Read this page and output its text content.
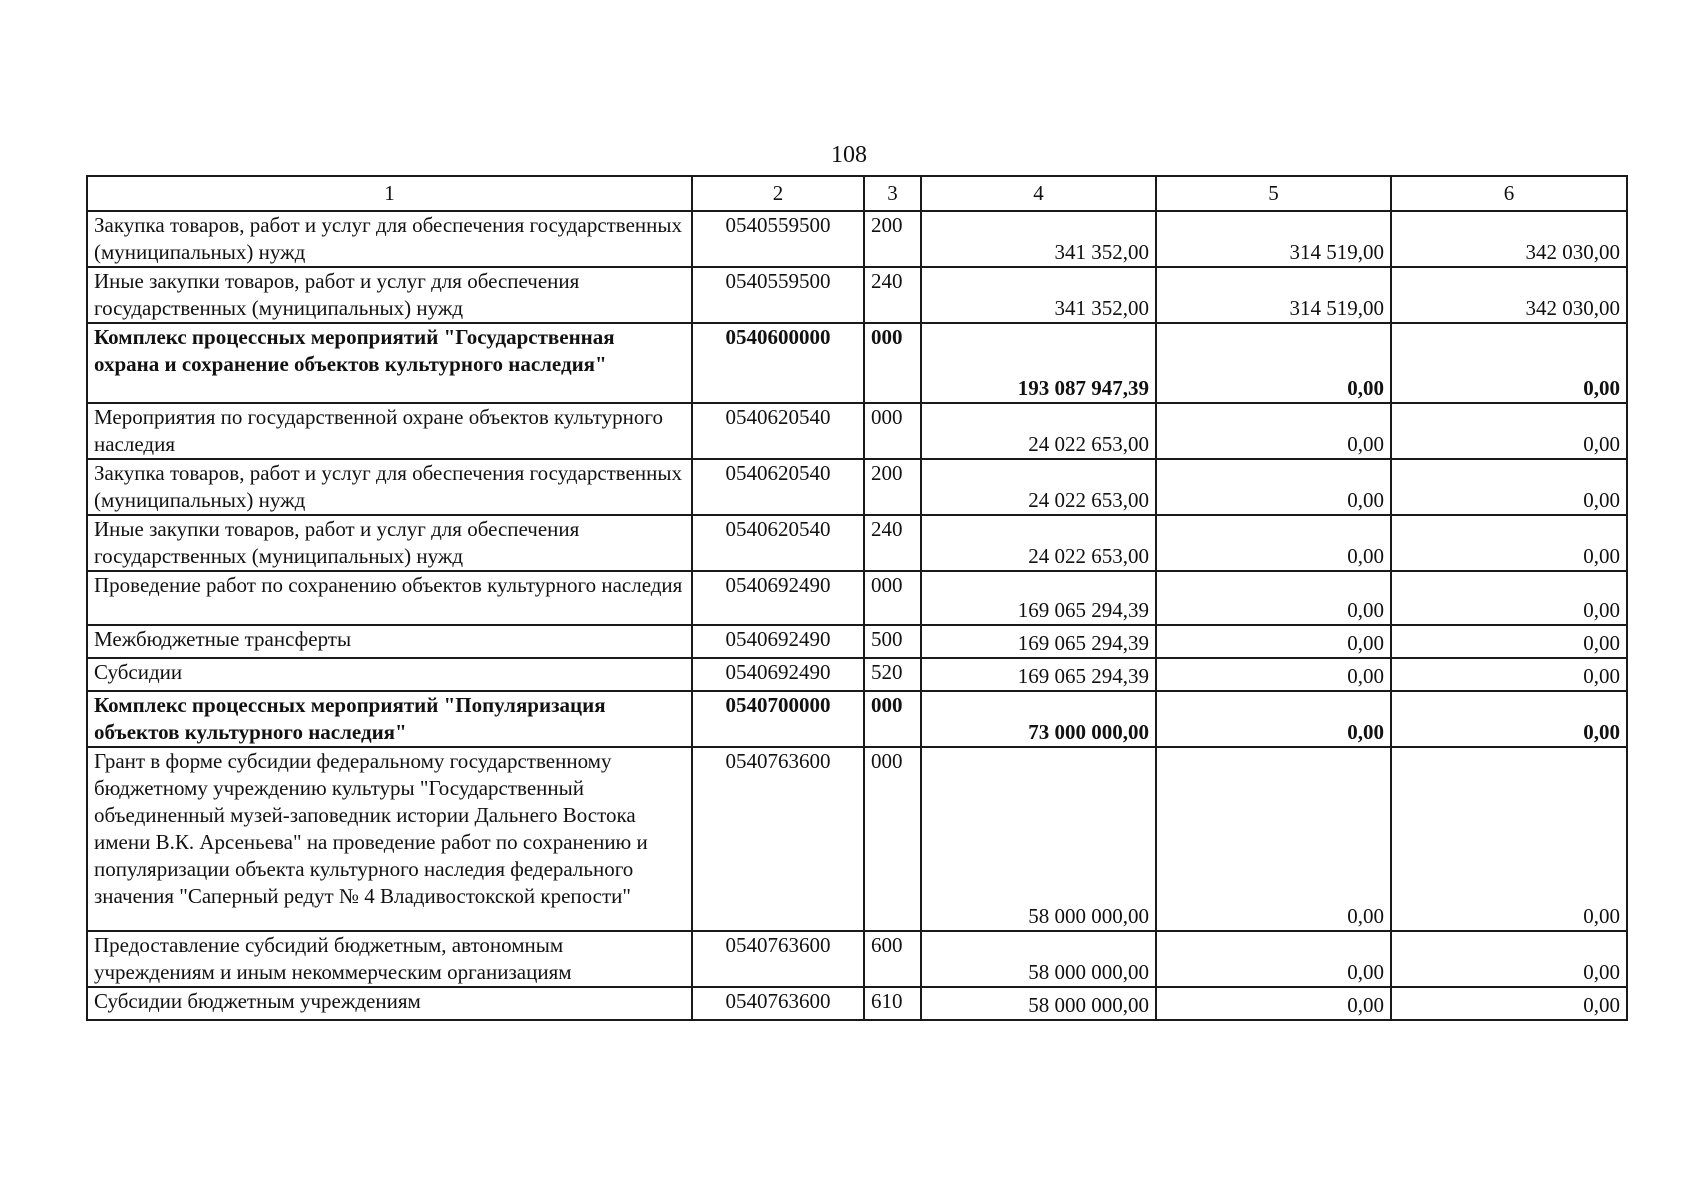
108
1	2	3	4	5	6
Закупка товаров, работ и услуг для обеспечения государственных (муниципальных) нужд	0540559500	200	341 352,00	314 519,00	342 030,00
Иные закупки товаров, работ и услуг для обеспечения государственных (муниципальных) нужд	0540559500	240	341 352,00	314 519,00	342 030,00
Комплекс процессных мероприятий "Государственная охрана и сохранение объектов культурного наследия"	0540600000	000	193 087 947,39	0,00	0,00
Мероприятия по государственной охране объектов культурного наследия	0540620540	000	24 022 653,00	0,00	0,00
Закупка товаров, работ и услуг для обеспечения государственных (муниципальных) нужд	0540620540	200	24 022 653,00	0,00	0,00
Иные закупки товаров, работ и услуг для обеспечения государственных (муниципальных) нужд	0540620540	240	24 022 653,00	0,00	0,00
Проведение работ по сохранению объектов культурного наследия	0540692490	000	169 065 294,39	0,00	0,00
Межбюджетные трансферты	0540692490	500	169 065 294,39	0,00	0,00
Субсидии	0540692490	520	169 065 294,39	0,00	0,00
Комплекс процессных мероприятий "Популяризация объектов культурного наследия"	0540700000	000	73 000 000,00	0,00	0,00
Грант в форме субсидии федеральному государственному бюджетному учреждению культуры "Государственный объединенный музей-заповедник истории Дальнего Востока имени В.К. Арсеньева" на проведение работ по сохранению и популяризации объекта культурного наследия федерального значения "Саперный редут № 4 Владивостокской крепости"	0540763600	000	58 000 000,00	0,00	0,00
Предоставление субсидий бюджетным, автономным учреждениям и иным некоммерческим организациям	0540763600	600	58 000 000,00	0,00	0,00
Субсидии бюджетным учреждениям	0540763600	610	58 000 000,00	0,00	0,00
